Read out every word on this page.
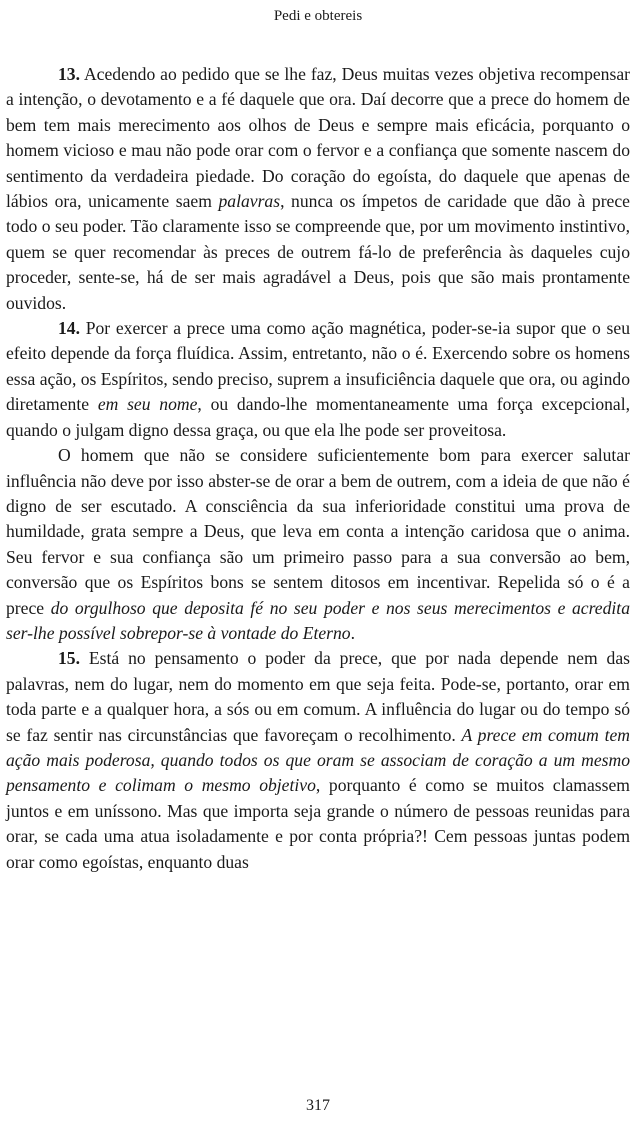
Pedi e obtereis

13. Acedendo ao pedido que se lhe faz, Deus muitas vezes objetiva recompensar a intenção, o devotamento e a fé daquele que ora. Daí decorre que a prece do homem de bem tem mais merecimento aos olhos de Deus e sempre mais eficácia, porquanto o homem vicioso e mau não pode orar com o fervor e a confiança que somente nascem do sentimento da verdadeira piedade. Do coração do egoísta, do daquele que apenas de lábios ora, unicamente saem palavras, nunca os ímpetos de caridade que dão à prece todo o seu poder. Tão claramente isso se compreende que, por um movimento instintivo, quem se quer recomendar às preces de outrem fá-lo de preferência às daqueles cujo proceder, sente-se, há de ser mais agradável a Deus, pois que são mais prontamente ouvidos.

14. Por exercer a prece uma como ação magnética, poder-se-ia supor que o seu efeito depende da força fluídica. Assim, entretanto, não o é. Exercendo sobre os homens essa ação, os Espíritos, sendo preciso, suprem a insuficiência daquele que ora, ou agindo diretamente em seu nome, ou dando-lhe momentaneamente uma força excepcional, quando o julgam digno dessa graça, ou que ela lhe pode ser proveitosa.

O homem que não se considere suficientemente bom para exercer salutar influência não deve por isso abster-se de orar a bem de outrem, com a ideia de que não é digno de ser escutado. A consciência da sua inferioridade constitui uma prova de humildade, grata sempre a Deus, que leva em conta a intenção caridosa que o anima. Seu fervor e sua confiança são um primeiro passo para a sua conversão ao bem, conversão que os Espíritos bons se sentem ditosos em incentivar. Repelida só o é a prece do orgulhoso que deposita fé no seu poder e nos seus merecimentos e acredita ser-lhe possível sobrepor-se à vontade do Eterno.

15. Está no pensamento o poder da prece, que por nada depende nem das palavras, nem do lugar, nem do momento em que seja feita. Pode-se, portanto, orar em toda parte e a qualquer hora, a sós ou em comum. A influência do lugar ou do tempo só se faz sentir nas circunstâncias que favoreçam o recolhimento. A prece em comum tem ação mais poderosa, quando todos os que oram se associam de coração a um mesmo pensamento e colimam o mesmo objetivo, porquanto é como se muitos clamassem juntos e em uníssono. Mas que importa seja grande o número de pessoas reunidas para orar, se cada uma atua isoladamente e por conta própria?! Cem pessoas juntas podem orar como egoístas, enquanto duas

317
